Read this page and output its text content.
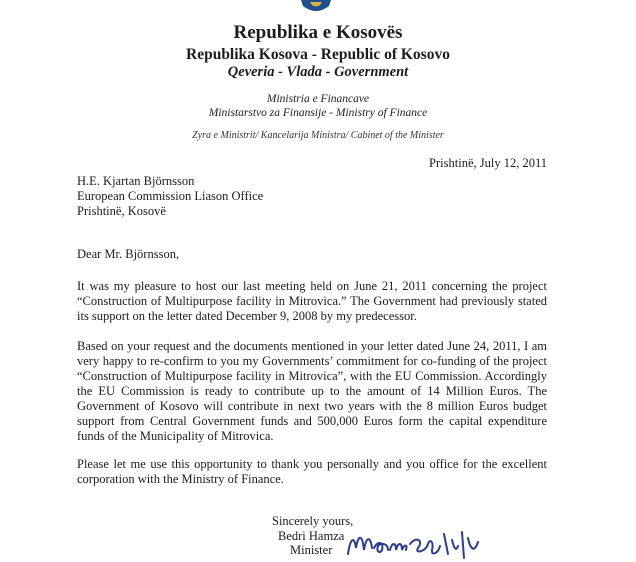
Republika e Kosovës
Republika Kosova - Republic of Kosovo
Qeveria - Vlada - Government
Ministria e Financave
Ministarstvo za Finansije - Ministry of Finance
Zyra e Ministrit/ Kancelarija Ministra/ Cabinet of the Minister
Prishtinë, July 12, 2011
H.E. Kjartan Björnsson
European Commission Liason Office
Prishtinë, Kosovë
Dear Mr. Björnsson,
It was my pleasure to host our last meeting held on June 21, 2011 concerning the project “Construction of Multipurpose facility in Mitrovica.” The Government had previously stated its support on the letter dated December 9, 2008 by my predecessor.
Based on your request and the documents mentioned in your letter dated June 24, 2011, I am very happy to re-confirm to you my Governments’ commitment for co-funding of the project “Construction of Multipurpose facility in Mitrovica”, with the EU Commission. Accordingly the EU Commission is ready to contribute up to the amount of 14 Million Euros. The Government of Kosovo will contribute in next two years with the 8 million Euros budget support from Central Government funds and 500,000 Euros form the capital expenditure funds of the Municipality of Mitrovica.
Please let me use this opportunity to thank you personally and you office for the excellent corporation with the Ministry of Finance.
Sincerely yours,
Bedri Hamza
Minister
